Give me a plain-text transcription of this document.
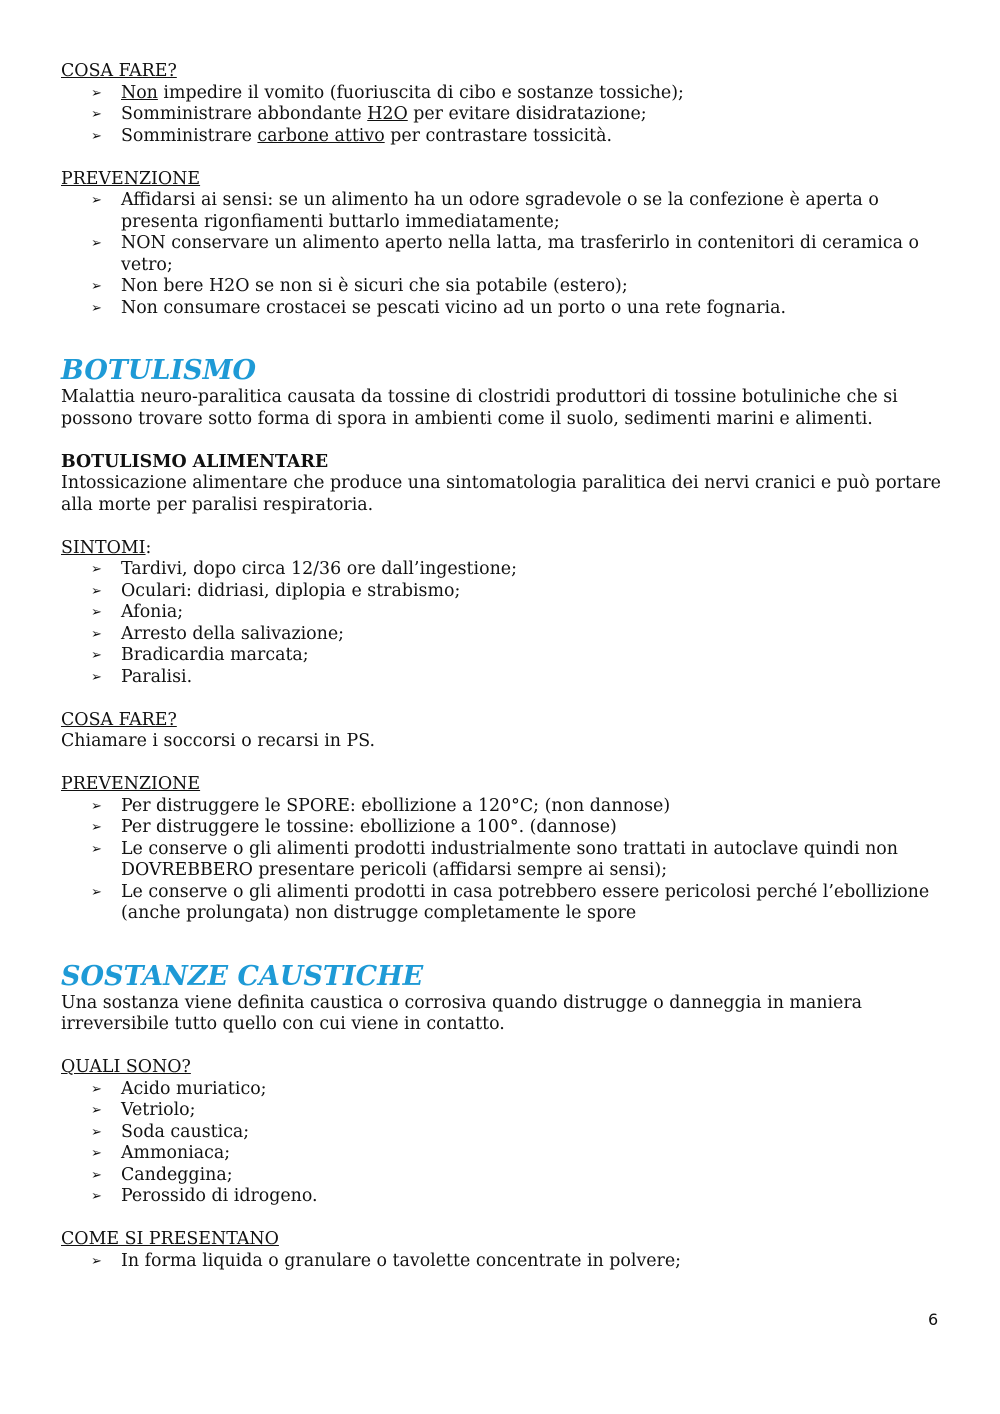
COSA FARE?

➢ Non impedire il vomito (fuoriuscita di cibo e sostanze tossiche);
➢ Somministrare abbondante H2O per evitare disidratazione;
➢ Somministrare carbone attivo per contrastare tossicità.

PREVENZIONE

➢ Affidarsi ai sensi: se un alimento ha un odore sgradevole o se la confezione è aperta o presenta rigonfiamenti buttarlo immediatamente;
➢ NON conservare un alimento aperto nella latta, ma trasferirlo in contenitori di ceramica o vetro;
➢ Non bere H2O se non si è sicuri che sia potabile (estero);
➢ Non consumare crostacei se pescati vicino ad un porto o una rete fognaria.
BOTULISMO

Malattia neuro-paralitica causata da tossine di clostridi produttori di tossine botuliniche che si possono trovare sotto forma di spora in ambienti come il suolo, sedimenti marini e alimenti.

BOTULISMO ALIMENTARE

Intossicazione alimentare che produce una sintomatologia paralitica dei nervi cranici e può portare alla morte per paralisi respiratoria.

SINTOMI:

➢ Tardivi, dopo circa 12/36 ore dall’ingestione;
➢ Oculari: didriasi, diplopia e strabismo;
➢ Afonia;
➢ Arresto della salivazione;
➢ Bradicardia marcata;
➢ Paralisi.

COSA FARE?

Chiamare i soccorsi o recarsi in PS.

PREVENZIONE

➢ Per distruggere le SPORE: ebollizione a 120°C; (non dannose)
➢ Per distruggere le tossine: ebollizione a 100°. (dannose)
➢ Le conserve o gli alimenti prodotti industrialmente sono trattati in autoclave quindi non DOVREBBERO presentare pericoli (affidarsi sempre ai sensi);
➢ Le conserve o gli alimenti prodotti in casa potrebbero essere pericolosi perché l’ebollizione (anche prolungata) non distrugge completamente le spore
SOSTANZE CAUSTICHE

Una sostanza viene definita caustica o corrosiva quando distrugge o danneggia in maniera irreversibile tutto quello con cui viene in contatto.

QUALI SONO?

➢ Acido muriatico;
➢ Vetriolo;
➢ Soda caustica;
➢ Ammoniaca;
➢ Candeggina;
➢ Perossido di idrogeno.

COME SI PRESENTANO

➢ In forma liquida o granulare o tavolette concentrate in polvere;
6
